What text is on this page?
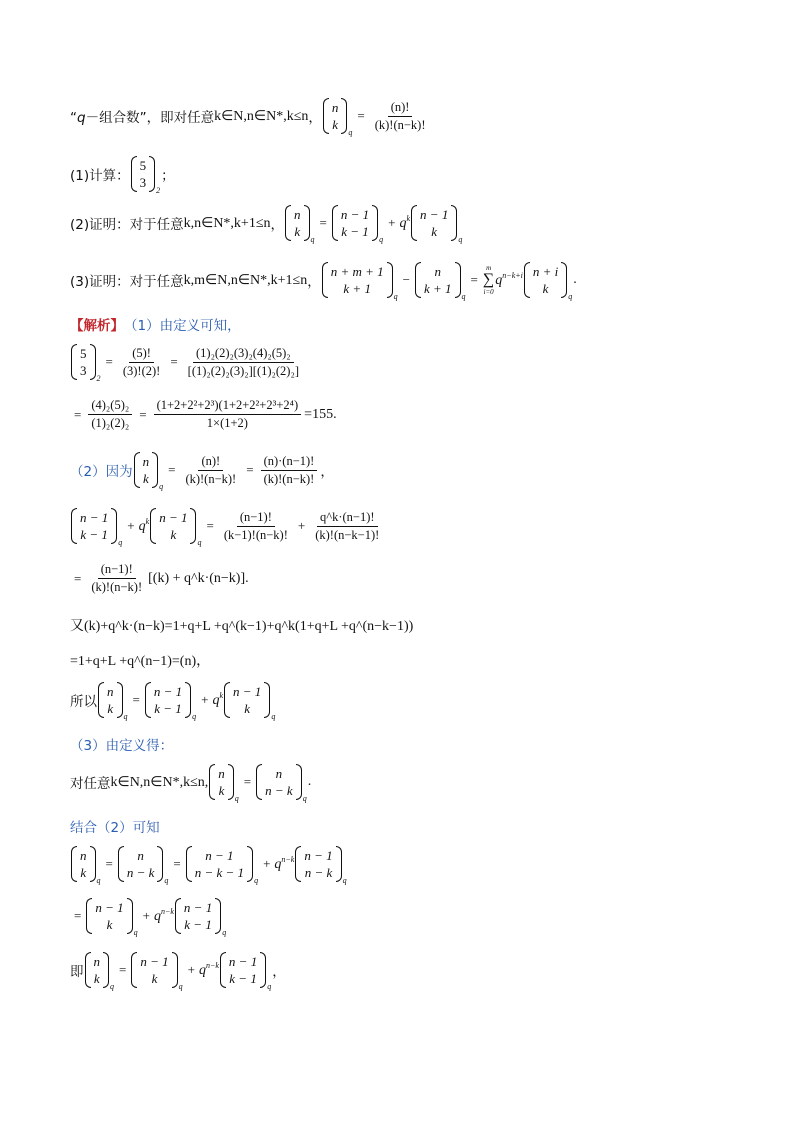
“q－组合数”，即对任意 k∈N,n∈N*,k≤n ，
n
k
q
= $\frac{(n)!}{(k)!(n-k)!}$
(1)计算：
5
3
2
；
(2)证明：对于任意 k,n∈N*,k+1≤n ，
n
k
q
=
n − 1
k − 1
q
+ $q^k$ n − 1
k
q
(3)证明：对于任意 k,m∈N,n∈N*,k+1≤n ，
n + m + 1
k + 1
q
−
n
k + 1
q
=
m
∑
i=0
$q^{n-k+i}$ n + i
k
q
.
【解析】 （1）由定义可知，
5
3
2
= $\frac{(5)!}{(3)!(2)!} = \frac{\text{(1)₂(2)₂(3)₂(4)₂(5)₂}}{\text{[(1)₂(2)₂(3)₂][(1)₂(2)₂]}}$
= $\frac{\text{(4)₂(5)₂}}{\text{(1)₂(2)₂}} = \frac{\text{(1+2+2²+2³)(1+2+2²+2³+2⁴)}}{1\times(1+2)} =155$.
（2）因为
n
k
q
= $\frac{(n)!}{(k)!(n-k)!} = \frac{(n)\cdot(n-1)!}{(k)!(n-k)!}$ ，
n − 1
k − 1
q
+ $q^k$ n − 1
k
q
= $\frac{(n-1)!}{(k-1)!(n-k)!} + \frac{q\^{}k\cdot(n-1)!}{(k)!(n-k-1)!}$
= $\frac{(n-1)!}{(k)!(n-k)!} [(k)$ + q^k·(n−k)].
又(k)+q^k·(n−k)=1+q+L +q^(k−1)+q^k(1+q+L +q^(n−k−1))
=1+q+L +q^(n−1)=(n)，
所以
n
k
q
=
n − 1
k − 1
q
+ $q^k$ n − 1
k
q
（3）由定义得：
对任意 k∈N,n∈N*,k≤n,
n
k
q
=
n
n − k
q
.
结合（2）可知
n
k
q
=
n
n − k
q
=
n − 1
n − k − 1
q
+ $q^{n-k}$ n − 1
n − k
q
=
n − 1
k
q
+ $q^{n-k}$ n − 1
k − 1
q
即
n
k
q
=
n − 1
k
q
+ $q^{n-k}$ n − 1
k − 1
q
，
